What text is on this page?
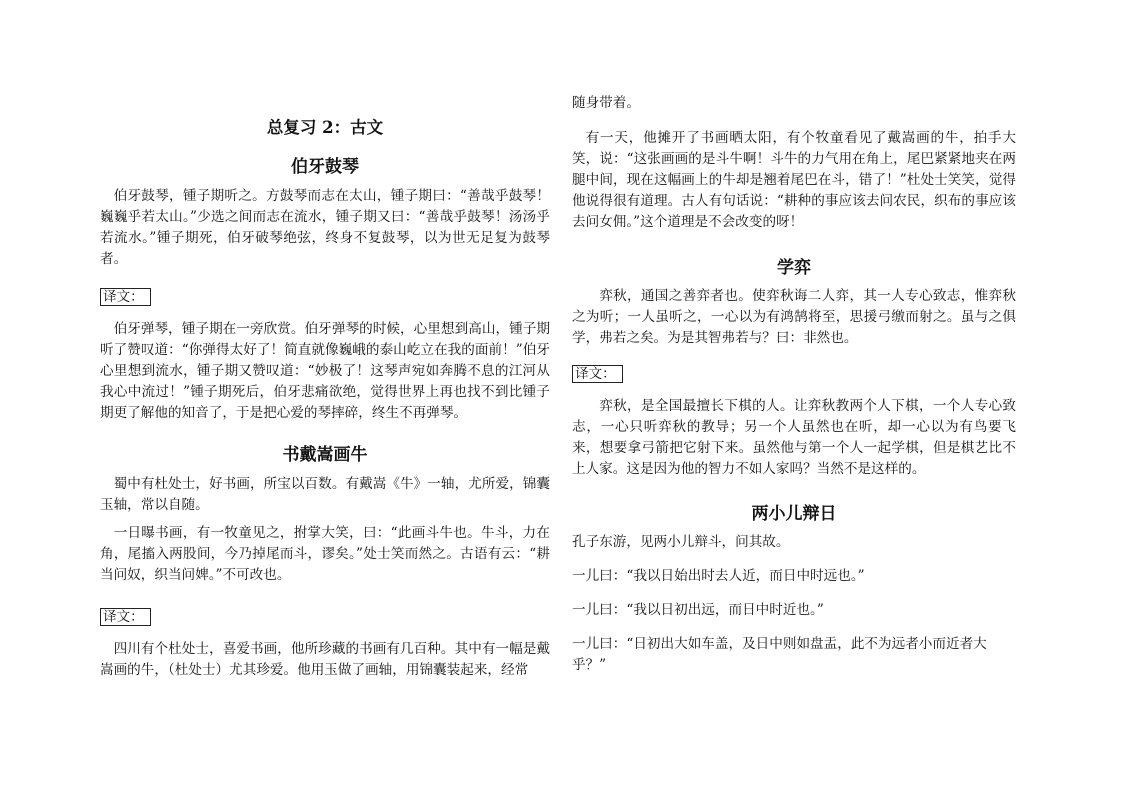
总复习 2：古文
伯牙鼓琴

伯牙鼓琴，锺子期听之。方鼓琴而志在太山，锺子期曰：“善哉乎鼓琴！巍巍乎若太山。”少选之间而志在流水，锺子期又曰：“善哉乎鼓琴！汤汤乎若流水。”锺子期死，伯牙破琴绝弦，终身不复鼓琴，以为世无足复为鼓琴者。

译文：

伯牙弹琴，锺子期在一旁欣赏。伯牙弹琴的时候，心里想到高山，锺子期听了赞叹道：“你弹得太好了！简直就像巍峨的泰山屹立在我的面前！”伯牙心里想到流水，锺子期又赞叹道：“妙极了！这琴声宛如奔腾不息的江河从我心中流过！”锺子期死后，伯牙悲痛欲绝，觉得世界上再也找不到比锺子期更了解他的知音了，于是把心爱的琴摔碎，终生不再弹琴。

书戴嵩画牛

蜀中有杜处士，好书画，所宝以百数。有戴嵩《牛》一轴，尤所爱，锦囊玉轴，常以自随。

一日曝书画，有一牧童见之，拊掌大笑，曰：“此画斗牛也。牛斗，力在角，尾搐入两股间，今乃掉尾而斗，谬矣。”处士笑而然之。古语有云：“耕当问奴，织当问婢。”不可改也。

译文：

四川有个杜处士，喜爱书画，他所珍藏的书画有几百种。其中有一幅是戴嵩画的牛，（杜处士）尤其珍爱。他用玉做了画轴，用锦囊装起来，经常

随身带着。

有一天，他摊开了书画晒太阳，有个牧童看见了戴嵩画的牛，拍手大笑，说：“这张画画的是斗牛啊！斗牛的力气用在角上，尾巴紧紧地夹在两腿中间，现在这幅画上的牛却是翘着尾巴在斗，错了！”杜处士笑笑，觉得他说得很有道理。古人有句话说：“耕种的事应该去问农民，织布的事应该去问女佣。”这个道理是不会改变的呀！

学弈

弈秋，通国之善弈者也。使弈秋诲二人弈，其一人专心致志，惟弈秋之为听；一人虽听之，一心以为有鸿鹄将至，思援弓缴而射之。虽与之俱学，弗若之矣。为是其智弗若与？曰：非然也。

译文：

弈秋，是全国最擅长下棋的人。让弈秋教两个人下棋，一个人专心致志，一心只听弈秋的教导；另一个人虽然也在听，却一心以为有鸟要飞来，想要拿弓箭把它射下来。虽然他与第一个人一起学棋，但是棋艺比不上人家。这是因为他的智力不如人家吗？当然不是这样的。

两小儿辩日

孔子东游，见两小儿辩斗，问其故。

一儿曰：“我以日始出时去人近，而日中时远也。”

一儿曰：“我以日初出远，而日中时近也。”

一儿曰：“日初出大如车盖，及日中则如盘盂，此不为远者小而近者大乎？”
